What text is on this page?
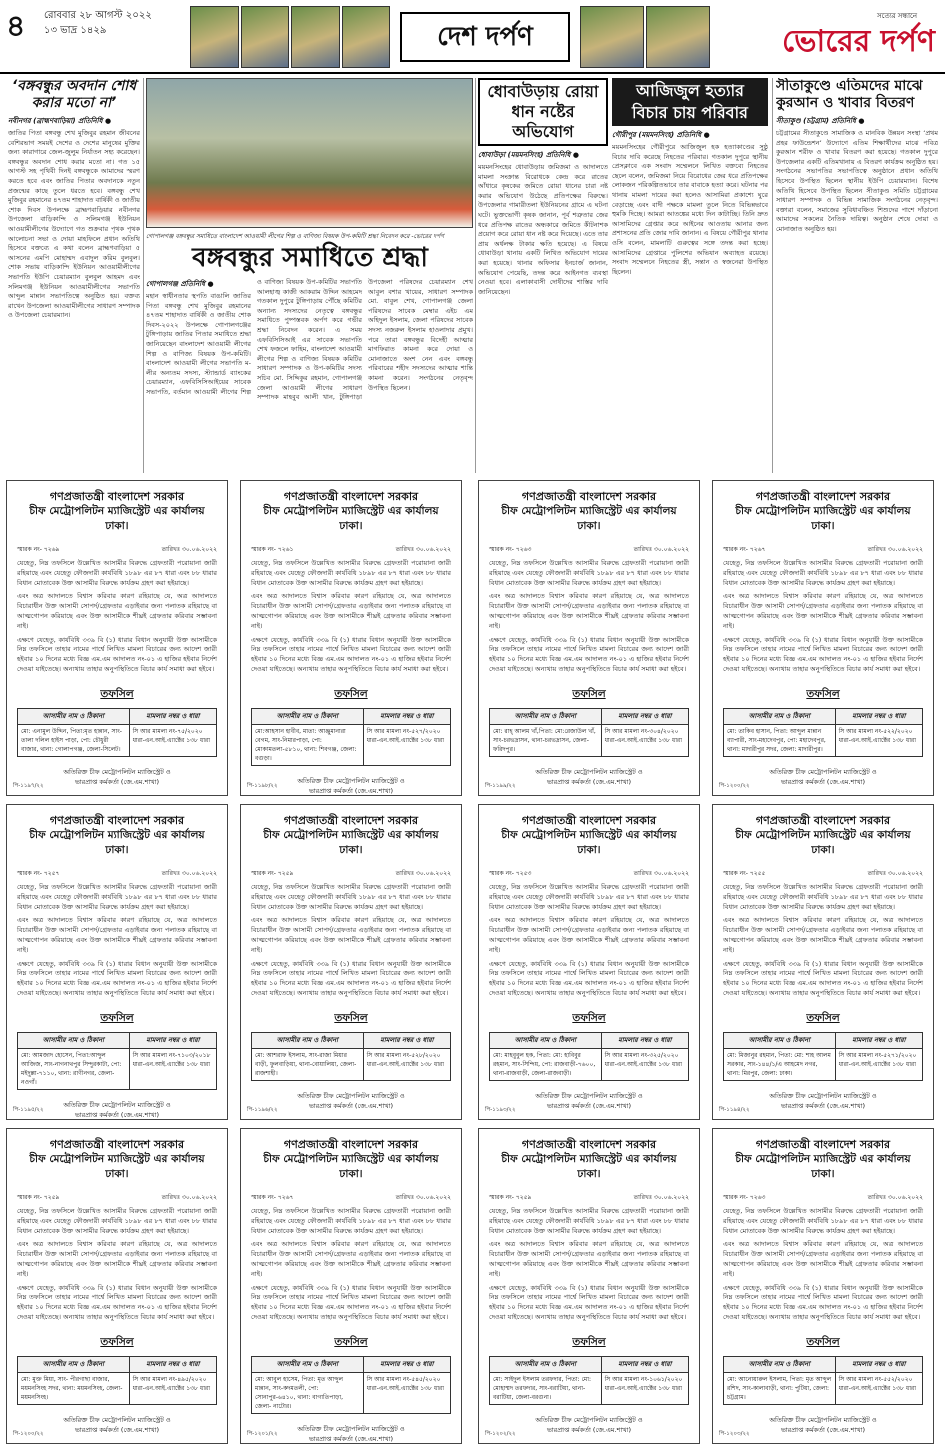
৪ রোববার ২৮ আগস্ট ২০২২
১৩ ভাদ্র ১৪২৯	দেশ দর্পণ
সত্যের সন্ধানে
ভোরের দর্পণ
‘বঙ্গবন্ধুর অবদান শোধ করার মতো না’
নবীনগর (ব্রাহ্মণবাড়িয়া) প্রতিনিধি ●
জাতির পিতা বঙ্গবন্ধু শেখ মুজিবুর রহমান জীবনের বেশিরভাগ সময়ই দেশের ও দেশের মানুষের মুক্তির জন্য কারাগারে জেল-জুলুম নির্যাতন সহ্য করেছেন। বঙ্গবন্ধুর অবদান শোধ করার মতো না। গত ১৫ আগস্ট সহ পৃথিবী দিনই বঙ্গবন্ধুকে আমাদের স্মরণ করতে হবে এবং জাতির পিতার অবদানকে নতুন প্রজন্মের কাছে তুলে ধরতে হবে। বঙ্গবন্ধু শেখ মুজিবুর রহমানের ৪৭তম শাহাদাত বার্ষিকী ও জাতীয় শোক দিবস উপলক্ষে ব্রাহ্মণবাড়িয়ার নবীনগর উপজেলা বাড়িকান্দি ও সলিমগঞ্জ ইউনিয়ন আওয়ামীলীগের উদ্যোগে গত শুক্রবার পৃথক পৃথক আলোচনা সভা ও দোয়া মাহফিলে প্রধান অতিথি হিসেবে বক্তব্যে এ কথা বলেন ব্রাহ্মণবাড়িয়া ৫ আসনের এমপি মোহাম্মদ এবাদুল করিম বুলবুল। শোক সভায় বাড়িকান্দি ইউনিয়ন আওয়ামীলীগের সভাপতি ইউপি চেয়ারম্যান বুলবুল আহমদ এবং সলিমগঞ্জ ইউনিয়ন আওয়ামীলীগের সভাপতি আব্দুল মান্নান সভাপতিত্বে অনুষ্ঠিত হয়। বক্তব্য রাখেন উপজেলা আওয়ামীলীগের সাধারণ সম্পাদক ও উপজেলা চেয়ারম্যান।
গোপালগঞ্জ বঙ্গবন্ধুর সমাধিতে বাংলাদেশ আওয়ামী লীগের শিল্প ও বাণিজ্য বিষয়ক উপ-কমিটি শ্রদ্ধা নিবেদন করে -ভোরের দর্পণ
বঙ্গবন্ধুর সমাধিতে শ্রদ্ধা
গোপালগঞ্জ প্রতিনিধি ●
মহান স্বাধীনতার স্থপতি বাঙালি জাতির পিতা বঙ্গবন্ধু শেখ মুজিবুর রহমানের ৪৭তম শাহাদাত বার্ষিকী ও জাতীয় শোক দিবস-২০২২ উপলক্ষে গোপালগঞ্জের টুঙ্গিপাড়ায় জাতির পিতার সমাধিতে শ্রদ্ধা জানিয়েছেন বাংলাদেশ আওয়ামী লীগের শিল্প ও বাণিজ্য বিষয়ক উপ-কমিটি। বাংলাদেশ আওয়ামী লীগের সভাপতি ম-লীর অন্যতম সদস্য, স্ট্যান্ডার্ড ব্যাংকের চেয়ারম্যান, এফবিসিসিআইয়ের সাবেক সভাপতি, বর্তমান আওয়ামী লীগের শিল্প ও বাণিজ্য বিষয়ক উপ-কমিটির সভাপতি আলহাজ্ব কাজী আকরাম উদ্দিন আহমেদ গতকাল দুপুরে টুঙ্গিপাড়ায় পৌঁছে কমিটির অন্যান্য সদস্যদের নেতৃত্বে বঙ্গবন্ধুর সমাধিতে পুষ্পস্তবক অর্পণ করে গভীর শ্রদ্ধা নিবেদন করেন। এ সময় এফবিসিসিআই এর সাবেক সভাপতি শেখ ফজলে ফাহিম, বাংলাদেশ আওয়ামী লীগের শিল্প ও বাণিজ্য বিষয়ক কমিটির সাধারণ সম্পাদক ও উপ-কমিটির সদস্য সচিব মো. সিদ্দিকুর রহমান, গোপালগঞ্জ জেলা আওয়ামী লীগের সাধারণ সম্পাদক মাহবুব আলী খান, টুঙ্গিপাড়া উপজেলা পরিষদের চেয়ারম্যান শেখ আবুল বশার খায়ের, সাধারণ সম্পাদক মো. বাবুল শেখ, গোপালগঞ্জ জেলা পরিষদের সাবেক মেম্বার এইচ এম অহিদুল ইসলাম, জেলা পরিষদের সাবেক সদস্য নজরুল ইসলাম হাওলাদার প্রমুখ। পরে তারা বঙ্গবন্ধুর বিদেহী আত্মার মাগফিরাত কামনা করে দোয়া ও মোনাজাতে অংশ নেন এবং বঙ্গবন্ধু পরিবারের শহীদ সদস্যদের আত্মার শান্তি কামনা করেন। সংগঠনের নেতৃবৃন্দ উপস্থিত ছিলেন।
ধোবাউড়ায় রোয়া ধান নষ্টের অভিযোগ
ধোবাউড়া (ময়মনসিংহ) প্রতিনিধি ●
ময়মনসিংহের ধোবাউড়ায় জমিজমা ও আদালতে মামলা সংক্রান্ত বিরোধকে কেন্দ্র করে রাতের আঁধারে কৃষকের জমিতে রোয়া ধানের চারা নষ্ট করার অভিযোগ উঠেছে প্রতিপক্ষের বিরুদ্ধে। উপজেলার গামারীতলা ইউনিয়নের গ্রামে এ ঘটনা ঘটে। ভুক্তভোগী কৃষক জানান, পূর্ব শত্রুতার জের ধরে প্রতিপক্ষ রাতের অন্ধকারে জমিতে কীটনাশক প্রয়োগ করে রোয়া ধান নষ্ট করে দিয়েছে। এতে তার প্রায় অর্ধলক্ষ টাকার ক্ষতি হয়েছে। এ বিষয়ে ধোবাউড়া থানায় একটি লিখিত অভিযোগ দায়ের করা হয়েছে। থানার অফিসার ইনচার্জ জানান, অভিযোগ পেয়েছি, তদন্ত করে আইনগত ব্যবস্থা নেওয়া হবে। এলাকাবাসী দোষীদের শাস্তির দাবি জানিয়েছেন।
আজিজুল হত্যার বিচার চায় পরিবার
গৌরীপুর (ময়মনসিংহ) প্রতিনিধি ●
ময়মনসিংহের গৌরীপুরে আজিজুল হক হত্যাকাণ্ডের সুষ্ঠু বিচার দাবি করেছে নিহতের পরিবার। গতকাল দুপুরে স্থানীয় প্রেসক্লাবে এক সংবাদ সম্মেলনে লিখিত বক্তব্যে নিহতের ছেলে বলেন, জমিজমা নিয়ে বিরোধের জের ধরে প্রতিপক্ষের লোকজন পরিকল্পিতভাবে তার বাবাকে হত্যা করে। ঘটনার পর থানায় মামলা দায়ের করা হলেও আসামিরা প্রকাশ্যে ঘুরে বেড়াচ্ছে এবং বাদী পক্ষকে মামলা তুলে নিতে বিভিন্নভাবে হুমকি দিচ্ছে। আমরা আতঙ্কের মধ্যে দিন কাটাচ্ছি। তিনি দ্রুত আসামিদের গ্রেপ্তার করে আইনের আওতায় আনার জন্য প্রশাসনের প্রতি জোর দাবি জানান। এ বিষয়ে গৌরীপুর থানার ওসি বলেন, মামলাটি গুরুত্বের সঙ্গে তদন্ত করা হচ্ছে। আসামিদের গ্রেপ্তারে পুলিশের অভিযান অব্যাহত রয়েছে। সংবাদ সম্মেলনে নিহতের স্ত্রী, সন্তান ও স্বজনেরা উপস্থিত ছিলেন।
সীতাকুণ্ডে এতিমদের মাঝে কুরআন ও খাবার বিতরণ
সীতাকুণ্ড (চট্টগ্রাম) প্রতিনিধি ●
চট্টগ্রামের সীতাকুণ্ডে সামাজিক ও মানবিক উন্নয়ন সংস্থা ‘প্রথম প্রহর ফাউন্ডেশন’ উদ্যোগে এতিম শিক্ষার্থীদের মাঝে পবিত্র কুরআন শরীফ ও খাবার বিতরণ করা হয়েছে। গতকাল দুপুরে উপজেলার একটি এতিমখানায় এ বিতরণ কার্যক্রম অনুষ্ঠিত হয়। সংগঠনের সভাপতির সভাপতিত্বে অনুষ্ঠানে প্রধান অতিথি হিসেবে উপস্থিত ছিলেন স্থানীয় ইউপি চেয়ারম্যান। বিশেষ অতিথি হিসেবে উপস্থিত ছিলেন সীতাকুণ্ড সমিতি চট্টগ্রামের সাধারণ সম্পাদক ও বিভিন্ন সামাজিক সংগঠনের নেতৃবৃন্দ। বক্তারা বলেন, সমাজের সুবিধাবঞ্চিত শিশুদের পাশে দাঁড়ানো আমাদের সকলের নৈতিক দায়িত্ব। অনুষ্ঠান শেষে দোয়া ও মোনাজাত অনুষ্ঠিত হয়।
গণপ্রজাতন্ত্রী বাংলাদেশ সরকার
চীফ মেট্রোপলিটন ম্যাজিস্ট্রেট এর কার্যালয়
ঢাকা।
স্মারক নং- ৭২৬৯	তারিখঃ ৩০.০৬.২০২২
যেহেতু, নিম্ন তফসিলে উল্লেখিত আসামীর বিরুদ্ধে গ্রেফতারী পরোয়ানা জারী রহিয়াছে এবং যেহেতু ফৌজদারী কার্যবিধি ১৮৯৮ এর ৮৭ ধারা এবং ৮৮ ধারার বিধান মোতাবেক উক্ত আসামীর বিরুদ্ধে কার্যক্রম গ্রহণ করা হইয়াছে।
এবং অত্র আদালতে বিশ্বাস করিবার কারণ রহিয়াছে যে, অত্র আদালতে বিচারাধীন উক্ত আসামী সোপর্দ/গ্রেফতার এড়াইবার জন্য পলাতক রহিয়াছে বা আত্মগোপন করিয়াছে এবং উক্ত আসামীকে শীঘ্রই গ্রেফতার করিবার সম্ভাবনা নাই।
এক্ষণে যেহেতু, কার্যবিধি ৩৩৯ বি (১) ধারার বিধান অনুযায়ী উক্ত আসামীকে নিম্ন তফসিলে তাহার নামের পার্শ্বে লিখিত মামলা বিচারের জন্য আদেশ জারী হইবার ১০ দিনের মধ্যে বিজ্ঞ এম.এম আদালত নং-০১ এ হাজির হইবার নির্দেশ দেওয়া যাইতেছে। অন্যথায় তাহার অনুপস্থিতিতে বিচার কার্য সমাধা করা হইবে।
তফসিল
আসামীর নাম ও ঠিকানা	মামলার নম্বর ও ধারা
মো: এনামুল উদ্দিন, পিতা:মৃত হান্নান, সাং-তালা দলিল হাইস পাড়া, পো: চৌধুরী বাজার, থানা: গোলাপগঞ্জ, জেলা-সিলেট।
সি আর মামলা নং-৭৫/২০২০ ধারা-এন.আই.এ্যাক্টের ১৩৮ ধারা
অতিরিক্ত চীফ মেট্রোপলিটন ম্যাজিস্ট্রেট ও
ভারপ্রাপ্ত কর্মকর্তা (জে.এম.শাখা)
পি-১১৯৭/২২
গণপ্রজাতন্ত্রী বাংলাদেশ সরকার
চীফ মেট্রোপলিটন ম্যাজিস্ট্রেট এর কার্যালয়
ঢাকা।
স্মারক নং- ৭২৬১	তারিখঃ ৩০.০৬.২০২২
যেহেতু, নিম্ন তফসিলে উল্লেখিত আসামীর বিরুদ্ধে গ্রেফতারী পরোয়ানা জারী রহিয়াছে এবং যেহেতু ফৌজদারী কার্যবিধি ১৮৯৮ এর ৮৭ ধারা এবং ৮৮ ধারার বিধান মোতাবেক উক্ত আসামীর বিরুদ্ধে কার্যক্রম গ্রহণ করা হইয়াছে।
এবং অত্র আদালতে বিশ্বাস করিবার কারণ রহিয়াছে যে, অত্র আদালতে বিচারাধীন উক্ত আসামী সোপর্দ/গ্রেফতার এড়াইবার জন্য পলাতক রহিয়াছে বা আত্মগোপন করিয়াছে এবং উক্ত আসামীকে শীঘ্রই গ্রেফতার করিবার সম্ভাবনা নাই।
এক্ষণে যেহেতু, কার্যবিধি ৩৩৯ বি (১) ধারার বিধান অনুযায়ী উক্ত আসামীকে নিম্ন তফসিলে তাহার নামের পার্শ্বে লিখিত মামলা বিচারের জন্য আদেশ জারী হইবার ১০ দিনের মধ্যে বিজ্ঞ এম.এম আদালত নং-০১ এ হাজির হইবার নির্দেশ দেওয়া যাইতেছে। অন্যথায় তাহার অনুপস্থিতিতে বিচার কার্য সমাধা করা হইবে।
তফসিল
আসামীর নাম ও ঠিকানা	মামলার নম্বর ও ধারা
মো:আহসান হাবীব, মাতা: আঞ্জুমানারা বেগম, সাং-নিমারপাড়া, পো: মোকামতলা-৫৮১০, থানা: শিবগঞ্জ, জেলা: বগুড়া।
সি আর মামলা নং-৫২৭/২০২০ ধারা-এন.আই.এ্যাক্টের ১৩৮ ধারা
অতিরিক্ত চীফ মেট্রোপলিটন ম্যাজিস্ট্রেট ও
ভারপ্রাপ্ত কর্মকর্তা (জে.এম.শাখা)
পি-১১৯৮/২২
গণপ্রজাতন্ত্রী বাংলাদেশ সরকার
চীফ মেট্রোপলিটন ম্যাজিস্ট্রেট এর কার্যালয়
ঢাকা।
স্মারক নং- ৭২৬৩	তারিখঃ ৩০.০৬.২০২২
যেহেতু, নিম্ন তফসিলে উল্লেখিত আসামীর বিরুদ্ধে গ্রেফতারী পরোয়ানা জারী রহিয়াছে এবং যেহেতু ফৌজদারী কার্যবিধি ১৮৯৮ এর ৮৭ ধারা এবং ৮৮ ধারার বিধান মোতাবেক উক্ত আসামীর বিরুদ্ধে কার্যক্রম গ্রহণ করা হইয়াছে।
এবং অত্র আদালতে বিশ্বাস করিবার কারণ রহিয়াছে যে, অত্র আদালতে বিচারাধীন উক্ত আসামী সোপর্দ/গ্রেফতার এড়াইবার জন্য পলাতক রহিয়াছে বা আত্মগোপন করিয়াছে এবং উক্ত আসামীকে শীঘ্রই গ্রেফতার করিবার সম্ভাবনা নাই।
এক্ষণে যেহেতু, কার্যবিধি ৩৩৯ বি (১) ধারার বিধান অনুযায়ী উক্ত আসামীকে নিম্ন তফসিলে তাহার নামের পার্শ্বে লিখিত মামলা বিচারের জন্য আদেশ জারী হইবার ১০ দিনের মধ্যে বিজ্ঞ এম.এম আদালত নং-০১ এ হাজির হইবার নির্দেশ দেওয়া যাইতেছে। অন্যথায় তাহার অনুপস্থিতিতে বিচার কার্য সমাধা করা হইবে।
তফসিল
আসামীর নাম ও ঠিকানা	মামলার নম্বর ও ধারা
মো: রাহ্ আলম খাঁ,পিতা: মো:রেজাউল খাঁ, সাং-চরভদ্রাসন, থানা-চরভদ্রাসন, জেলা-ফরিদপুর।
সি আর মামলা নং-৩০৪/২০২০ ধারা-এন.আই.এ্যাক্টের ১৩৮ ধারা
অতিরিক্ত চীফ মেট্রোপলিটন ম্যাজিস্ট্রেট ও
ভারপ্রাপ্ত কর্মকর্তা (জে.এম.শাখা)
পি-১১৯৯/২২
গণপ্রজাতন্ত্রী বাংলাদেশ সরকার
চীফ মেট্রোপলিটন ম্যাজিস্ট্রেট এর কার্যালয়
ঢাকা।
স্মারক নং- ৭২৬৭	তারিখঃ ৩০.০৬.২০২২
যেহেতু, নিম্ন তফসিলে উল্লেখিত আসামীর বিরুদ্ধে গ্রেফতারী পরোয়ানা জারী রহিয়াছে এবং যেহেতু ফৌজদারী কার্যবিধি ১৮৯৮ এর ৮৭ ধারা এবং ৮৮ ধারার বিধান মোতাবেক উক্ত আসামীর বিরুদ্ধে কার্যক্রম গ্রহণ করা হইয়াছে।
এবং অত্র আদালতে বিশ্বাস করিবার কারণ রহিয়াছে যে, অত্র আদালতে বিচারাধীন উক্ত আসামী সোপর্দ/গ্রেফতার এড়াইবার জন্য পলাতক রহিয়াছে বা আত্মগোপন করিয়াছে এবং উক্ত আসামীকে শীঘ্রই গ্রেফতার করিবার সম্ভাবনা নাই।
এক্ষণে যেহেতু, কার্যবিধি ৩৩৯ বি (১) ধারার বিধান অনুযায়ী উক্ত আসামীকে নিম্ন তফসিলে তাহার নামের পার্শ্বে লিখিত মামলা বিচারের জন্য আদেশ জারী হইবার ১০ দিনের মধ্যে বিজ্ঞ এম.এম আদালত নং-০১ এ হাজির হইবার নির্দেশ দেওয়া যাইতেছে। অন্যথায় তাহার অনুপস্থিতিতে বিচার কার্য সমাধা করা হইবে।
তফসিল
আসামীর নাম ও ঠিকানা	মামলার নম্বর ও ধারা
মো: তাকিব হাসান, পিতা: আব্দুল মান্নান ব্যাপারী, সাং-মহাদেবপুর, পো: মহাদেবপুর, থানা: মাদারীপুর সদর, জেলা: মাদারীপুর।
সি আর মামলা নং-৫২২/২০২০ ধারা-এন.আই.এ্যাক্টের ১৩৮ ধারা
অতিরিক্ত চীফ মেট্রোপলিটন ম্যাজিস্ট্রেট ও
ভারপ্রাপ্ত কর্মকর্তা (জে.এম.শাখা)
পি-১২০০/২২
গণপ্রজাতন্ত্রী বাংলাদেশ সরকার
চীফ মেট্রোপলিটন ম্যাজিস্ট্রেট এর কার্যালয়
ঢাকা।
স্মারক নং- ৭২৫৭	তারিখঃ ৩০.০৬.২০২২
যেহেতু, নিম্ন তফসিলে উল্লেখিত আসামীর বিরুদ্ধে গ্রেফতারী পরোয়ানা জারী রহিয়াছে এবং যেহেতু ফৌজদারী কার্যবিধি ১৮৯৮ এর ৮৭ ধারা এবং ৮৮ ধারার বিধান মোতাবেক উক্ত আসামীর বিরুদ্ধে কার্যক্রম গ্রহণ করা হইয়াছে।
এবং অত্র আদালতে বিশ্বাস করিবার কারণ রহিয়াছে যে, অত্র আদালতে বিচারাধীন উক্ত আসামী সোপর্দ/গ্রেফতার এড়াইবার জন্য পলাতক রহিয়াছে বা আত্মগোপন করিয়াছে এবং উক্ত আসামীকে শীঘ্রই গ্রেফতার করিবার সম্ভাবনা নাই।
এক্ষণে যেহেতু, কার্যবিধি ৩৩৯ বি (১) ধারার বিধান অনুযায়ী উক্ত আসামীকে নিম্ন তফসিলে তাহার নামের পার্শ্বে লিখিত মামলা বিচারের জন্য আদেশ জারী হইবার ১০ দিনের মধ্যে বিজ্ঞ এম.এম আদালত নং-০১ এ হাজির হইবার নির্দেশ দেওয়া যাইতেছে। অন্যথায় তাহার অনুপস্থিতিতে বিচার কার্য সমাধা করা হইবে।
তফসিল
আসামীর নাম ও ঠিকানা	মামলার নম্বর ও ধারা
মো: আমজাদ হোসেন, পিতা:আব্দুল আজিজ, সাং-নাগনাথপুর সিন্দুরকাটা, পো: মইদুল্লা-৭১১০, থানা: রাণীনগর, জেলা-নওগাঁ।
সি আর মামলা নং-৭১০৩/২০১৮ ধারা-এন.আই.এ্যাক্টের ১৩৮ ধারা
অতিরিক্ত চীফ মেট্রোপলিটন ম্যাজিস্ট্রেট ও
ভারপ্রাপ্ত কর্মকর্তা (জে.এম.শাখা)
পি-১১৯৫/২২
গণপ্রজাতন্ত্রী বাংলাদেশ সরকার
চীফ মেট্রোপলিটন ম্যাজিস্ট্রেট এর কার্যালয়
ঢাকা।
স্মারক নং- ৭২৫৯	তারিখঃ ৩০.০৬.২০২২
যেহেতু, নিম্ন তফসিলে উল্লেখিত আসামীর বিরুদ্ধে গ্রেফতারী পরোয়ানা জারী রহিয়াছে এবং যেহেতু ফৌজদারী কার্যবিধি ১৮৯৮ এর ৮৭ ধারা এবং ৮৮ ধারার বিধান মোতাবেক উক্ত আসামীর বিরুদ্ধে কার্যক্রম গ্রহণ করা হইয়াছে।
এবং অত্র আদালতে বিশ্বাস করিবার কারণ রহিয়াছে যে, অত্র আদালতে বিচারাধীন উক্ত আসামী সোপর্দ/গ্রেফতার এড়াইবার জন্য পলাতক রহিয়াছে বা আত্মগোপন করিয়াছে এবং উক্ত আসামীকে শীঘ্রই গ্রেফতার করিবার সম্ভাবনা নাই।
এক্ষণে যেহেতু, কার্যবিধি ৩৩৯ বি (১) ধারার বিধান অনুযায়ী উক্ত আসামীকে নিম্ন তফসিলে তাহার নামের পার্শ্বে লিখিত মামলা বিচারের জন্য আদেশ জারী হইবার ১০ দিনের মধ্যে বিজ্ঞ এম.এম আদালত নং-০১ এ হাজির হইবার নির্দেশ দেওয়া যাইতেছে। অন্যথায় তাহার অনুপস্থিতিতে বিচার কার্য সমাধা করা হইবে।
তফসিল
আসামীর নাম ও ঠিকানা	মামলার নম্বর ও ধারা
মো: আশরাফ ইসলাম, সাং-রাজা মিয়ার বাড়ী, ফুলবাড়িয়া, থানা-বোয়ালিয়া, জেলা-রাজশাহী।
সি আর মামলা নং-৫২৮/২০২০ ধারা-এন.আই.এ্যাক্টের ১৩৮ ধারা
অতিরিক্ত চীফ মেট্রোপলিটন ম্যাজিস্ট্রেট ও
ভারপ্রাপ্ত কর্মকর্তা (জে.এম.শাখা)
পি-১১৯৬/২২
গণপ্রজাতন্ত্রী বাংলাদেশ সরকার
চীফ মেট্রোপলিটন ম্যাজিস্ট্রেট এর কার্যালয়
ঢাকা।
স্মারক নং- ৭২৫৩	তারিখঃ ৩০.০৬.২০২২
যেহেতু, নিম্ন তফসিলে উল্লেখিত আসামীর বিরুদ্ধে গ্রেফতারী পরোয়ানা জারী রহিয়াছে এবং যেহেতু ফৌজদারী কার্যবিধি ১৮৯৮ এর ৮৭ ধারা এবং ৮৮ ধারার বিধান মোতাবেক উক্ত আসামীর বিরুদ্ধে কার্যক্রম গ্রহণ করা হইয়াছে।
এবং অত্র আদালতে বিশ্বাস করিবার কারণ রহিয়াছে যে, অত্র আদালতে বিচারাধীন উক্ত আসামী সোপর্দ/গ্রেফতার এড়াইবার জন্য পলাতক রহিয়াছে বা আত্মগোপন করিয়াছে এবং উক্ত আসামীকে শীঘ্রই গ্রেফতার করিবার সম্ভাবনা নাই।
এক্ষণে যেহেতু, কার্যবিধি ৩৩৯ বি (১) ধারার বিধান অনুযায়ী উক্ত আসামীকে নিম্ন তফসিলে তাহার নামের পার্শ্বে লিখিত মামলা বিচারের জন্য আদেশ জারী হইবার ১০ দিনের মধ্যে বিজ্ঞ এম.এম আদালত নং-০১ এ হাজির হইবার নির্দেশ দেওয়া যাইতেছে। অন্যথায় তাহার অনুপস্থিতিতে বিচার কার্য সমাধা করা হইবে।
তফসিল
আসামীর নাম ও ঠিকানা	মামলার নম্বর ও ধারা
মো: মাহবুবুল হক, পিতা: মো: হাবিবুর রহমান, সাং-সিন্দিয়, পো: রাজবাড়ী-৭৬০০, থানা-রাজবাড়ী, জেলা-রাজবাড়ী।
সি আর মামলা নং-৩২৫/২০২০ ধারা-এন.আই.এ্যাক্টের ১৩৮ ধারা
অতিরিক্ত চীফ মেট্রোপলিটন ম্যাজিস্ট্রেট ও
ভারপ্রাপ্ত কর্মকর্তা (জে.এম.শাখা)
পি-১১৯৩/২২
গণপ্রজাতন্ত্রী বাংলাদেশ সরকার
চীফ মেট্রোপলিটন ম্যাজিস্ট্রেট এর কার্যালয়
ঢাকা।
স্মারক নং- ৭২৫৫	তারিখঃ ৩০.০৬.২০২২
যেহেতু, নিম্ন তফসিলে উল্লেখিত আসামীর বিরুদ্ধে গ্রেফতারী পরোয়ানা জারী রহিয়াছে এবং যেহেতু ফৌজদারী কার্যবিধি ১৮৯৮ এর ৮৭ ধারা এবং ৮৮ ধারার বিধান মোতাবেক উক্ত আসামীর বিরুদ্ধে কার্যক্রম গ্রহণ করা হইয়াছে।
এবং অত্র আদালতে বিশ্বাস করিবার কারণ রহিয়াছে যে, অত্র আদালতে বিচারাধীন উক্ত আসামী সোপর্দ/গ্রেফতার এড়াইবার জন্য পলাতক রহিয়াছে বা আত্মগোপন করিয়াছে এবং উক্ত আসামীকে শীঘ্রই গ্রেফতার করিবার সম্ভাবনা নাই।
এক্ষণে যেহেতু, কার্যবিধি ৩৩৯ বি (১) ধারার বিধান অনুযায়ী উক্ত আসামীকে নিম্ন তফসিলে তাহার নামের পার্শ্বে লিখিত মামলা বিচারের জন্য আদেশ জারী হইবার ১০ দিনের মধ্যে বিজ্ঞ এম.এম আদালত নং-০১ এ হাজির হইবার নির্দেশ দেওয়া যাইতেছে। অন্যথায় তাহার অনুপস্থিতিতে বিচার কার্য সমাধা করা হইবে।
তফসিল
আসামীর নাম ও ঠিকানা	মামলার নম্বর ও ধারা
মো: মিজানুর রহমান, পিতা: মো: শাহ আলম সরকার, সাং-১৪৪/১/এ আহমেদ নগর, থানা: মিরপুর, জেলা: ঢাকা।
সি আর মামলা নং-৫২৭১/২০২০ ধারা-এন.আই.এ্যাক্টের ১৩৮ ধারা
অতিরিক্ত চীফ মেট্রোপলিটন ম্যাজিস্ট্রেট ও
ভারপ্রাপ্ত কর্মকর্তা (জে.এম.শাখা)
পি-১১৯৪/২২
গণপ্রজাতন্ত্রী বাংলাদেশ সরকার
চীফ মেট্রোপলিটন ম্যাজিস্ট্রেট এর কার্যালয়
ঢাকা।
স্মারক নং- ৭২৫৯	তারিখঃ ৩০.০৬.২০২২
যেহেতু, নিম্ন তফসিলে উল্লেখিত আসামীর বিরুদ্ধে গ্রেফতারী পরোয়ানা জারী রহিয়াছে এবং যেহেতু ফৌজদারী কার্যবিধি ১৮৯৮ এর ৮৭ ধারা এবং ৮৮ ধারার বিধান মোতাবেক উক্ত আসামীর বিরুদ্ধে কার্যক্রম গ্রহণ করা হইয়াছে।
এবং অত্র আদালতে বিশ্বাস করিবার কারণ রহিয়াছে যে, অত্র আদালতে বিচারাধীন উক্ত আসামী সোপর্দ/গ্রেফতার এড়াইবার জন্য পলাতক রহিয়াছে বা আত্মগোপন করিয়াছে এবং উক্ত আসামীকে শীঘ্রই গ্রেফতার করিবার সম্ভাবনা নাই।
এক্ষণে যেহেতু, কার্যবিধি ৩৩৯ বি (১) ধারার বিধান অনুযায়ী উক্ত আসামীকে নিম্ন তফসিলে তাহার নামের পার্শ্বে লিখিত মামলা বিচারের জন্য আদেশ জারী হইবার ১০ দিনের মধ্যে বিজ্ঞ এম.এম আদালত নং-০১ এ হাজির হইবার নির্দেশ দেওয়া যাইতেছে। অন্যথায় তাহার অনুপস্থিতিতে বিচার কার্য সমাধা করা হইবে।
তফসিল
আসামীর নাম ও ঠিকানা	মামলার নম্বর ও ধারা
মো: মুক্ত মিয়া, সাং- পীরগাছা বাজার, ময়মনসিংহ সদর, থানা: ময়মনসিংহ, জেলা-ময়মনসিংহ।
সি আর মামলা নং-৪৯৫/২০২০ ধারা-এন.আই.এ্যাক্টের ১৩৮ ধারা
অতিরিক্ত চীফ মেট্রোপলিটন ম্যাজিস্ট্রেট ও
ভারপ্রাপ্ত কর্মকর্তা (জে.এম.শাখা)
পি-১২০০/২২
গণপ্রজাতন্ত্রী বাংলাদেশ সরকার
চীফ মেট্রোপলিটন ম্যাজিস্ট্রেট এর কার্যালয়
ঢাকা।
স্মারক নং- ৭২৬৭	তারিখঃ ৩০.০৬.২০২২
যেহেতু, নিম্ন তফসিলে উল্লেখিত আসামীর বিরুদ্ধে গ্রেফতারী পরোয়ানা জারী রহিয়াছে এবং যেহেতু ফৌজদারী কার্যবিধি ১৮৯৮ এর ৮৭ ধারা এবং ৮৮ ধারার বিধান মোতাবেক উক্ত আসামীর বিরুদ্ধে কার্যক্রম গ্রহণ করা হইয়াছে।
এবং অত্র আদালতে বিশ্বাস করিবার কারণ রহিয়াছে যে, অত্র আদালতে বিচারাধীন উক্ত আসামী সোপর্দ/গ্রেফতার এড়াইবার জন্য পলাতক রহিয়াছে বা আত্মগোপন করিয়াছে এবং উক্ত আসামীকে শীঘ্রই গ্রেফতার করিবার সম্ভাবনা নাই।
এক্ষণে যেহেতু, কার্যবিধি ৩৩৯ বি (১) ধারার বিধান অনুযায়ী উক্ত আসামীকে নিম্ন তফসিলে তাহার নামের পার্শ্বে লিখিত মামলা বিচারের জন্য আদেশ জারী হইবার ১০ দিনের মধ্যে বিজ্ঞ এম.এম আদালত নং-০১ এ হাজির হইবার নির্দেশ দেওয়া যাইতেছে। অন্যথায় তাহার অনুপস্থিতিতে বিচার কার্য সমাধা করা হইবে।
তফসিল
আসামীর নাম ও ঠিকানা	মামলার নম্বর ও ধারা
মো: আবুল হাসেম, পিতা: মৃত আব্দুল মান্নান, সাং-কদমতলী, পো: সোনাপুর-৬৪১০, থানা: বাগাতিপাড়া, জেলা- নাটোর।
সি আর মামলা নং-৫৪৫/২০২০ ধারা-এন.আই.এ্যাক্টের ১৩৮ ধারা
অতিরিক্ত চীফ মেট্রোপলিটন ম্যাজিস্ট্রেট ও
ভারপ্রাপ্ত কর্মকর্তা (জে.এম.শাখা)
পি-১২০১/২২
গণপ্রজাতন্ত্রী বাংলাদেশ সরকার
চীফ মেট্রোপলিটন ম্যাজিস্ট্রেট এর কার্যালয়
ঢাকা।
স্মারক নং- ৭২৫৯	তারিখঃ ৩০.০৬.২০২২
যেহেতু, নিম্ন তফসিলে উল্লেখিত আসামীর বিরুদ্ধে গ্রেফতারী পরোয়ানা জারী রহিয়াছে এবং যেহেতু ফৌজদারী কার্যবিধি ১৮৯৮ এর ৮৭ ধারা এবং ৮৮ ধারার বিধান মোতাবেক উক্ত আসামীর বিরুদ্ধে কার্যক্রম গ্রহণ করা হইয়াছে।
এবং অত্র আদালতে বিশ্বাস করিবার কারণ রহিয়াছে যে, অত্র আদালতে বিচারাধীন উক্ত আসামী সোপর্দ/গ্রেফতার এড়াইবার জন্য পলাতক রহিয়াছে বা আত্মগোপন করিয়াছে এবং উক্ত আসামীকে শীঘ্রই গ্রেফতার করিবার সম্ভাবনা নাই।
এক্ষণে যেহেতু, কার্যবিধি ৩৩৯ বি (১) ধারার বিধান অনুযায়ী উক্ত আসামীকে নিম্ন তফসিলে তাহার নামের পার্শ্বে লিখিত মামলা বিচারের জন্য আদেশ জারী হইবার ১০ দিনের মধ্যে বিজ্ঞ এম.এম আদালত নং-০১ এ হাজির হইবার নির্দেশ দেওয়া যাইতেছে। অন্যথায় তাহার অনুপস্থিতিতে বিচার কার্য সমাধা করা হইবে।
তফসিল
আসামীর নাম ও ঠিকানা	মামলার নম্বর ও ধারা
মো: সাইদুল ইসলাম তরফদার, পিতা: মো: মোহাম্মদ তরফদার, সাং-বরাটিয়া, থানা-বরাটিয়া, জেলা-বরগুনা।
সি আর মামলা নং-১০৬১/২০২০ ধারা-এন.আই.এ্যাক্টের ১৩৮ ধারা
অতিরিক্ত চীফ মেট্রোপলিটন ম্যাজিস্ট্রেট ও
ভারপ্রাপ্ত কর্মকর্তা (জে.এম.শাখা)
পি-১২০২/২২
গণপ্রজাতন্ত্রী বাংলাদেশ সরকার
চীফ মেট্রোপলিটন ম্যাজিস্ট্রেট এর কার্যালয়
ঢাকা।
স্মারক নং- ৭২৬৩	তারিখঃ ৩০.০৬.২০২২
যেহেতু, নিম্ন তফসিলে উল্লেখিত আসামীর বিরুদ্ধে গ্রেফতারী পরোয়ানা জারী রহিয়াছে এবং যেহেতু ফৌজদারী কার্যবিধি ১৮৯৮ এর ৮৭ ধারা এবং ৮৮ ধারার বিধান মোতাবেক উক্ত আসামীর বিরুদ্ধে কার্যক্রম গ্রহণ করা হইয়াছে।
এবং অত্র আদালতে বিশ্বাস করিবার কারণ রহিয়াছে যে, অত্র আদালতে বিচারাধীন উক্ত আসামী সোপর্দ/গ্রেফতার এড়াইবার জন্য পলাতক রহিয়াছে বা আত্মগোপন করিয়াছে এবং উক্ত আসামীকে শীঘ্রই গ্রেফতার করিবার সম্ভাবনা নাই।
এক্ষণে যেহেতু, কার্যবিধি ৩৩৯ বি (১) ধারার বিধান অনুযায়ী উক্ত আসামীকে নিম্ন তফসিলে তাহার নামের পার্শ্বে লিখিত মামলা বিচারের জন্য আদেশ জারী হইবার ১০ দিনের মধ্যে বিজ্ঞ এম.এম আদালত নং-০১ এ হাজির হইবার নির্দেশ দেওয়া যাইতেছে। অন্যথায় তাহার অনুপস্থিতিতে বিচার কার্য সমাধা করা হইবে।
তফসিল
আসামীর নাম ও ঠিকানা	মামলার নম্বর ও ধারা
মো: আনোয়ারুল ইসলাম, পিতা: মৃত আব্দুল রশিদ, সাং-কালাবাড়ী, থানা: পুটিয়া, জেলা: চট্টগ্রাম।
সি আর মামলা নং-৫৫২/২০২০ ধারা-এন.আই.এ্যাক্টের ১৩৮ ধারা
অতিরিক্ত চীফ মেট্রোপলিটন ম্যাজিস্ট্রেট ও
ভারপ্রাপ্ত কর্মকর্তা (জে.এম.শাখা)
পি-১২০৩/২২
